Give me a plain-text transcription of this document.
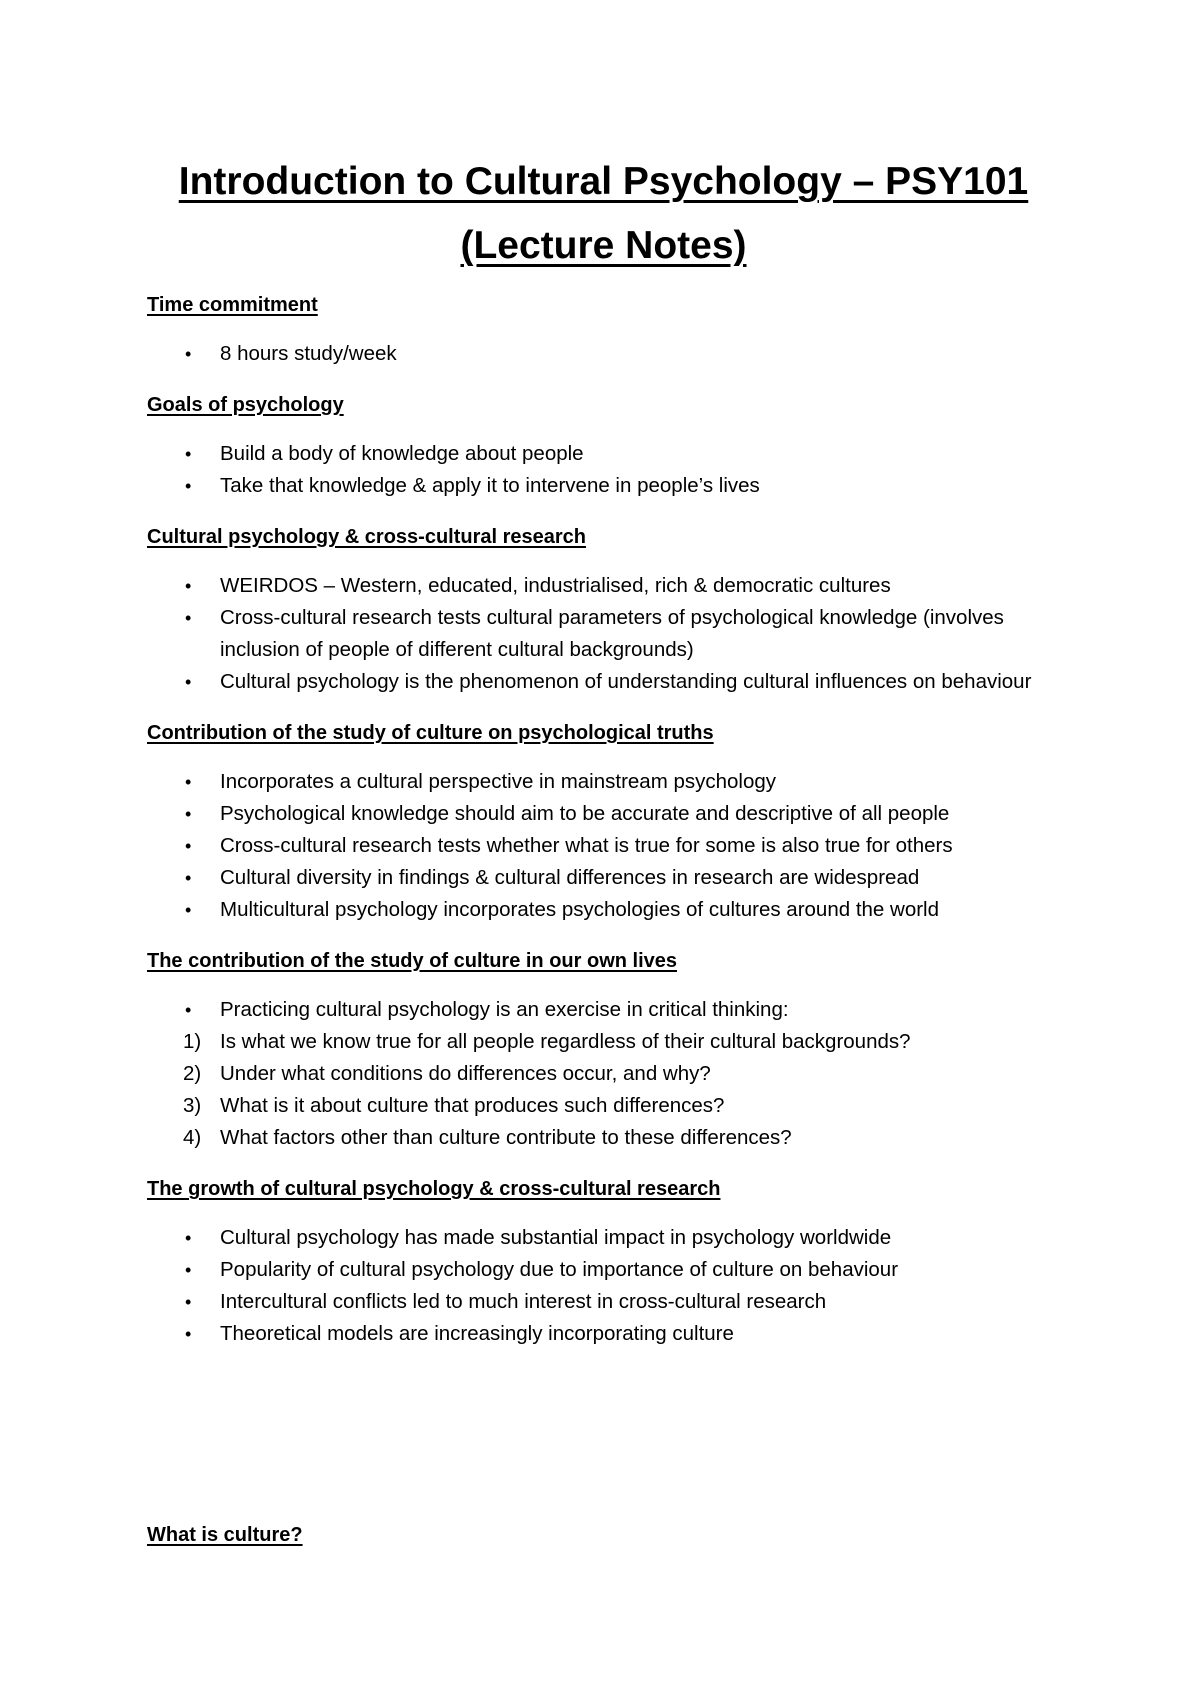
Introduction to Cultural Psychology – PSY101
(Lecture Notes)

Time commitment

•	8 hours study/week

Goals of psychology

•	Build a body of knowledge about people
•	Take that knowledge & apply it to intervene in people’s lives

Cultural psychology & cross-cultural research

•	WEIRDOS – Western, educated, industrialised, rich & democratic cultures
•	Cross-cultural research tests cultural parameters of psychological knowledge (involves inclusion of people of different cultural backgrounds)
•	Cultural psychology is the phenomenon of understanding cultural influences on behaviour

Contribution of the study of culture on psychological truths

•	Incorporates a cultural perspective in mainstream psychology
•	Psychological knowledge should aim to be accurate and descriptive of all people
•	Cross-cultural research tests whether what is true for some is also true for others
•	Cultural diversity in findings & cultural differences in research are widespread
•	Multicultural psychology incorporates psychologies of cultures around the world

The contribution of the study of culture in our own lives

•	Practicing cultural psychology is an exercise in critical thinking:
1) Is what we know true for all people regardless of their cultural backgrounds?
2) Under what conditions do differences occur, and why?
3) What is it about culture that produces such differences?
4) What factors other than culture contribute to these differences?

The growth of cultural psychology & cross-cultural research

•	Cultural psychology has made substantial impact in psychology worldwide
•	Popularity of cultural psychology due to importance of culture on behaviour
•	Intercultural conflicts led to much interest in cross-cultural research
•	Theoretical models are increasingly incorporating culture

What is culture?
